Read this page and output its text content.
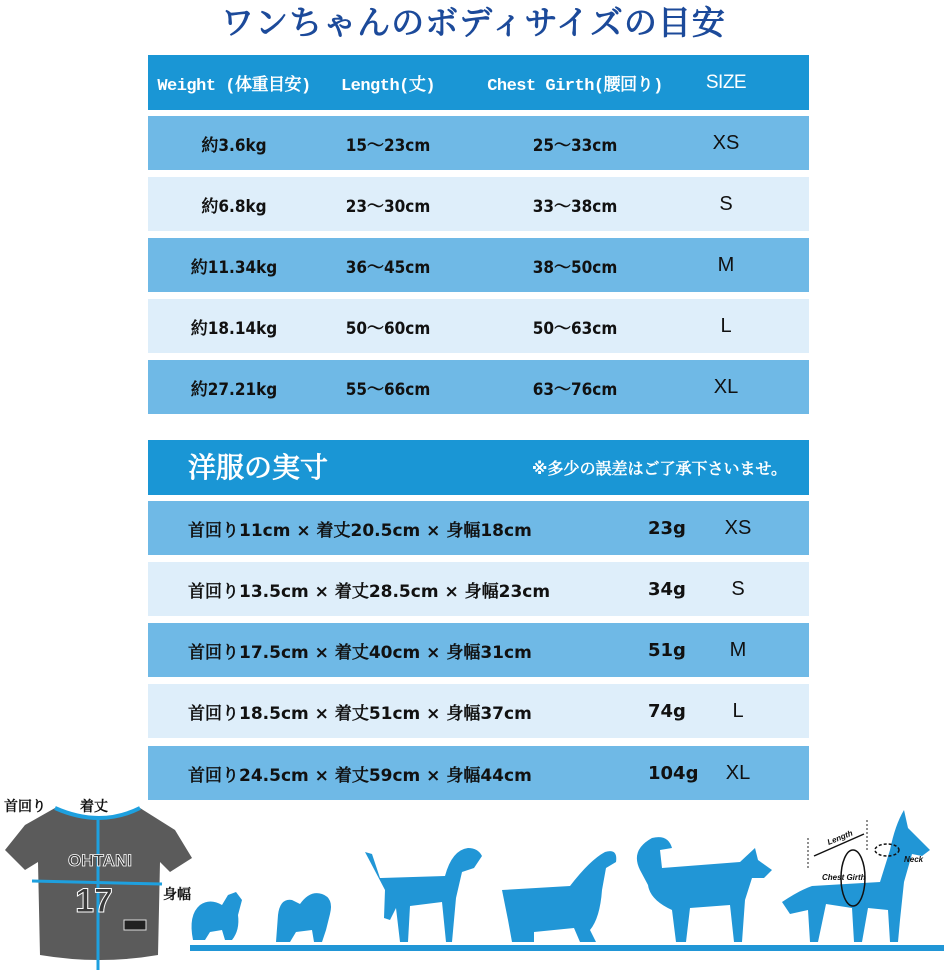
ワンちゃんのボディサイズの目安
Weight (体重目安)	Length(丈)	Chest Girth(腰回り)	SIZE
約3.6kg	15〜23cm	25〜33cm	XS
約6.8kg	23〜30cm	33〜38cm	S
約11.34kg	36〜45cm	38〜50cm	M
約18.14kg	50〜60cm	50〜63cm	L
約27.21kg	55〜66cm	63〜76cm	XL
洋服の実寸	※多少の誤差はご了承下さいませ。
首回り11cm × 着丈20.5cm × 身幅18cm	23g	XS
首回り13.5cm × 着丈28.5cm × 身幅23cm	34g	S
首回り17.5cm × 着丈40cm × 身幅31cm	51g	M
首回り18.5cm × 着丈51cm × 身幅37cm	74g	L
首回り24.5cm × 着丈59cm × 身幅44cm	104g	XL
OHTANI
17
首回り 着丈
身幅
Length
Chest Girth
Neck
